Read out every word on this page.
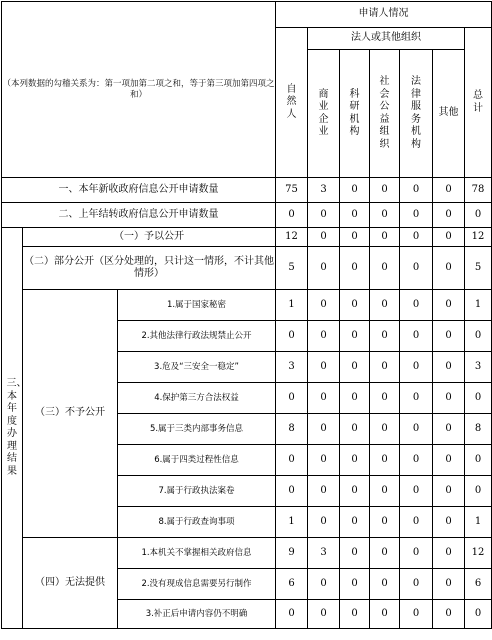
（本列数据的勾稽关系为：第一项加第二项之和，等于第三项加第四项之和）			申请人情况						
			自然人	法人或其他组织					总计
				商业企业	科研机构	社会公益组织	法律服务机构	其他	
一、本年新收政府信息公开申请数量			75	3	0	0	0	0	78
二、上年结转政府信息公开申请数量			0	0	0	0	0	0	0
三、本年度办理结果	（一）予以公开		12	0	0	0	0	0	12
	（二）部分公开（区分处理的，只计这一情形，不计其他情形）		5	0	0	0	0	0	5
	（三）不予公开	1.属于国家秘密	1	0	0	0	0	0	1
		2.其他法律行政法规禁止公开	0	0	0	0	0	0	0
		3.危及“三安全一稳定”	3	0	0	0	0	0	3
		4.保护第三方合法权益	0	0	0	0	0	0	0
		5.属于三类内部事务信息	8	0	0	0	0	0	8
		6.属于四类过程性信息	0	0	0	0	0	0	0
		7.属于行政执法案卷	0	0	0	0	0	0	0
		8.属于行政查询事项	1	0	0	0	0	0	1
	（四）无法提供	1.本机关不掌握相关政府信息	9	3	0	0	0	0	12
		2.没有现成信息需要另行制作	6	0	0	0	0	0	6
		3.补正后申请内容仍不明确	0	0	0	0	0	0	0
